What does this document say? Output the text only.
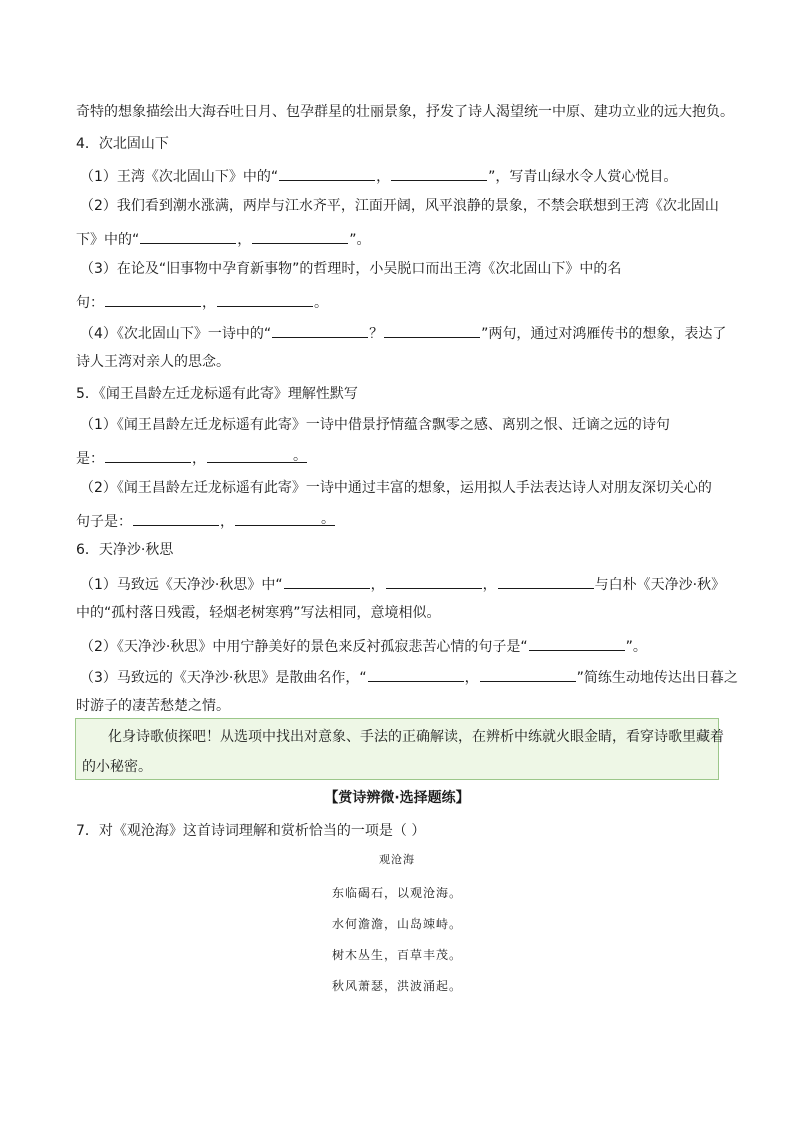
奇特的想象描绘出大海吞吐日月、包孕群星的壮丽景象，抒发了诗人渴望统一中原、建功立业的远大抱负。
4．次北固山下
（1）王湾《次北固山下》中的“	，	”，写青山绿水令人赏心悦目。
（2）我们看到潮水涨满，两岸与江水齐平，江面开阔，风平浪静的景象，不禁会联想到王湾《次北固山
下》中的“	，	”。
（3）在论及“旧事物中孕育新事物”的哲理时，小吴脱口而出王湾《次北固山下》中的名
句：	，	。
（4）《次北固山下》一诗中的“	？	”两句，通过对鸿雁传书的想象，表达了
诗人王湾对亲人的思念。
5．《闻王昌龄左迁龙标遥有此寄》理解性默写
（1）《闻王昌龄左迁龙标遥有此寄》一诗中借景抒情蕴含飘零之感、离别之恨、迁谪之远的诗句
是：	，	。
（2）《闻王昌龄左迁龙标遥有此寄》一诗中通过丰富的想象，运用拟人手法表达诗人对朋友深切关心的
句子是：	，	。
6．天净沙·秋思
（1）马致远《天净沙·秋思》中“	，	，	与白朴《天净沙·秋》
中的“孤村落日残霞，轻烟老树寒鸦”写法相同，意境相似。
（2）《天净沙·秋思》中用宁静美好的景色来反衬孤寂悲苦心情的句子是“	”。
（3）马致远的《天净沙·秋思》是散曲名作，“	，	”简练生动地传达出日暮之
时游子的凄苦愁楚之情。
化身诗歌侦探吧！从选项中找出对意象、手法的正确解读，在辨析中练就火眼金睛，看穿诗歌里藏着
的小秘密。
【赏诗辨微·选择题练】
7．对《观沧海》这首诗词理解和赏析恰当的一项是（ ）
观沧海
东临碣石，以观沧海。
水何澹澹，山岛竦峙。
树木丛生，百草丰茂。
秋风萧瑟，洪波涌起。
